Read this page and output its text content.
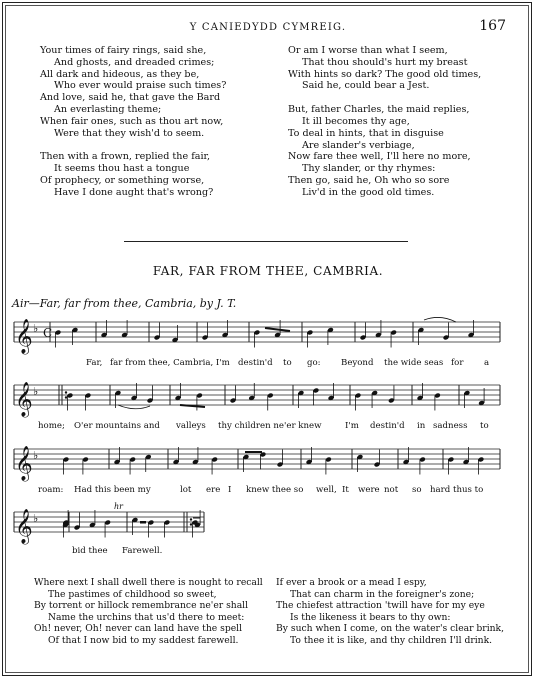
Y CANIEDYDD CYMREIG.	167
Your times of fairy rings, said she,
And ghosts, and dreaded crimes;
All dark and hideous, as they be,
Who ever would praise such times?
And love, said he, that gave the Bard
An everlasting theme;
When fair ones, such as thou art now,
Were that they wish'd to seem.
Then with a frown, replied the fair,
It seems thou hast a tongue
Of prophecy, or something worse,
Have I done aught that's wrong?
Or am I worse than what I seem,
That thou should's hurt my breast
With hints so dark? The good old times,
Said he, could bear a Jest.
But, father Charles, the maid replies,
It ill becomes thy age,
To deal in hints, that in disguise
Are slander's verbiage,
Now fare thee well, I'll here no more,
Thy slander, or thy rhymes:
Then go, said he, Oh who so sore
Liv'd in the good old times.
FAR, FAR FROM THEE, CAMBRIA.
Air—Far, far from thee, Cambria, by J. T.
𝄞 ♭ C
𝄞 ♭
𝄞 ♭
𝄞 ♭
hr
Far, far from thee, Cambria, I'm destin'd to go: Beyond the wide seas for a
home; O'er mountains and valleys thy children ne'er knew	I'm destin'd in sadness to
roam: Had this been my	lot ere I knew thee so well, It were not so hard thus to
bid thee Farewell.
Where next I shall dwell there is nought to recall
The pastimes of childhood so sweet,
By torrent or hillock remembrance ne'er shall
Name the urchins that us'd there to meet:
Oh! never, Oh! never can land have the spell
Of that I now bid to my saddest farewell.
If ever a brook or a mead I espy,
That can charm in the foreigner's zone;
The chiefest attraction 'twill have for my eye
Is the likeness it bears to thy own:
By such when I come, on the water's clear brink,
To thee it is like, and thy children I'll drink.
